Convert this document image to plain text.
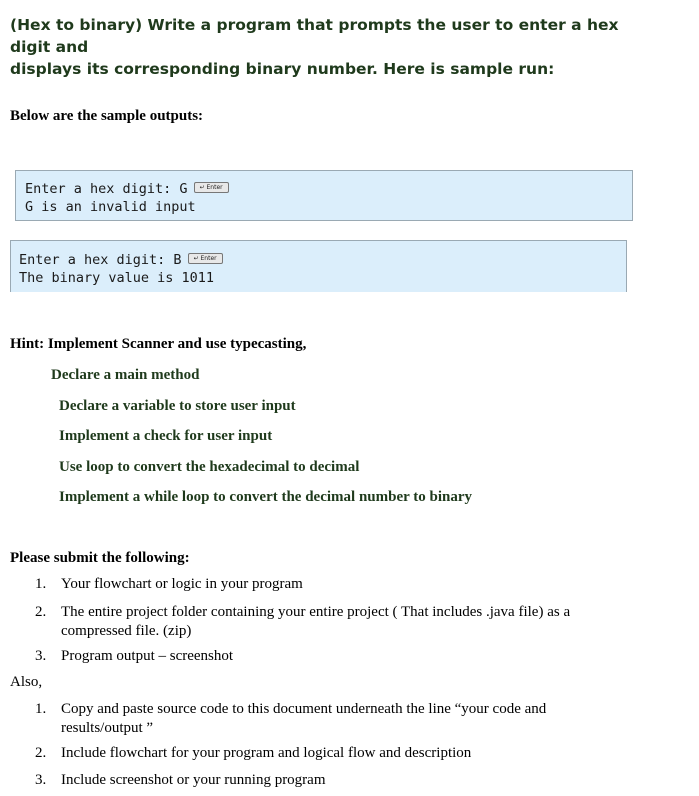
(Hex to binary) Write a program that prompts the user to enter a hex digit and
displays its corresponding binary number. Here is sample run:
Below are the sample outputs:
Enter a hex digit: G ↵ Enter
G is an invalid input
Enter a hex digit: B ↵ Enter
The binary value is 1011
Hint: Implement Scanner and use typecasting,
Declare a main method
Declare a variable to store user input
Implement a check for user input
Use loop to convert the hexadecimal to decimal
Implement a while loop to convert the decimal number to binary
Please submit the following:
1. Your flowchart or logic in your program
2. The entire project folder containing your entire project ( That includes .java file) as a
compressed file. (zip)
3. Program output – screenshot
Also,
1. Copy and paste source code to this document underneath the line “your code and
results/output ”
2. Include flowchart for your program and logical flow and description
3. Include screenshot or your running program
